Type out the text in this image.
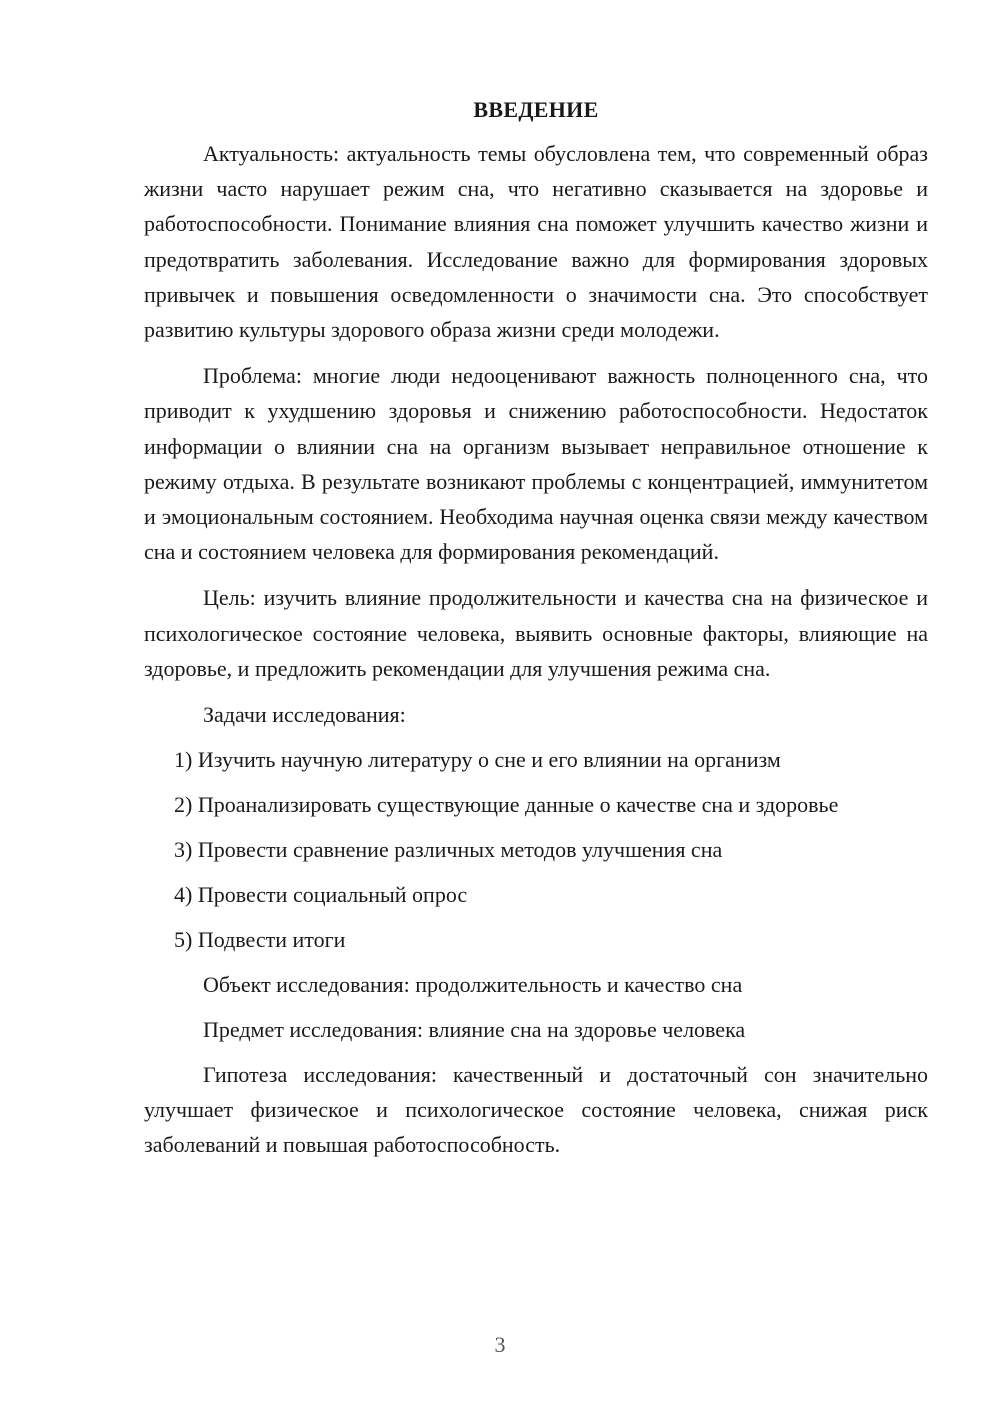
ВВЕДЕНИЕ

Актуальность: актуальность темы обусловлена тем, что современный образ жизни часто нарушает режим сна, что негативно сказывается на здоровье и работоспособности. Понимание влияния сна поможет улучшить качество жизни и предотвратить заболевания. Исследование важно для формирования здоровых привычек и повышения осведомленности о значимости сна. Это способствует развитию культуры здорового образа жизни среди молодежи.

Проблема: многие люди недооценивают важность полноценного сна, что приводит к ухудшению здоровья и снижению работоспособности. Недостаток информации о влиянии сна на организм вызывает неправильное отношение к режиму отдыха. В результате возникают проблемы с концентрацией, иммунитетом и эмоциональным состоянием. Необходима научная оценка связи между качеством сна и состоянием человека для формирования рекомендаций.

Цель: изучить влияние продолжительности и качества сна на физическое и психологическое состояние человека, выявить основные факторы, влияющие на здоровье, и предложить рекомендации для улучшения режима сна.

Задачи исследования:
1) Изучить научную литературу о сне и его влиянии на организм
2) Проанализировать существующие данные о качестве сна и здоровье
3) Провести сравнение различных методов улучшения сна
4) Провести социальный опрос
5) Подвести итоги
Объект исследования: продолжительность и качество сна
Предмет исследования: влияние сна на здоровье человека

Гипотеза исследования: качественный и достаточный сон значительно улучшает физическое и психологическое состояние человека, снижая риск заболеваний и повышая работоспособность.

3
